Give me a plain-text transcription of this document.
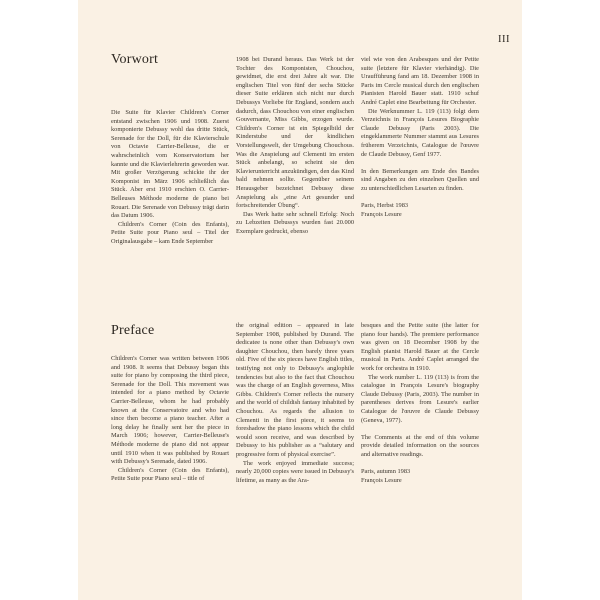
III
Vorwort

Die Suite für Klavier Children's Corner entstand zwischen 1906 und 1908. Zuerst komponierte Debussy wohl das dritte Stück, Serenade for the Doll, für die Klavierschule von Octavie Carrier-Belleuse, die er wahrscheinlich vom Konservatorium her kannte und die Klavierlehrerin geworden war. Mit großer Verzögerung schickte ihr der Komponist im März 1906 schließlich das Stück. Aber erst 1910 erschien O. Carrier-Belleuses Méthode moderne de piano bei Rouart. Die Serenade von Debussy trägt darin das Datum 1906.

Children's Corner (Coin des Enfants), Petite Suite pour Piano seul – Titel der Originalausgabe – kam Ende September

1908 bei Durand heraus. Das Werk ist der Tochter des Komponisten, Chouchou, gewidmet, die erst drei Jahre alt war. Die englischen Titel von fünf der sechs Stücke dieser Suite erklären sich nicht nur durch Debussys Vorliebe für England, sondern auch dadurch, dass Chouchou von einer englischen Gouvernante, Miss Gibbs, erzogen wurde. Children's Corner ist ein Spiegelbild der Kinderstube und der kindlichen Vorstellungswelt, der Umgebung Chouchous. Was die Anspielung auf Clementi im ersten Stück anbelangt, so scheint sie den Klavierunterricht anzukündigen, den das Kind bald nehmen sollte. Gegenüber seinem Herausgeber bezeichnet Debussy diese Anspielung als „eine Art gesunder und fortschreitender Übung“.

Das Werk hatte sehr schnell Erfolg: Noch zu Lebzeiten Debussys wurden fast 20.000 Exemplare gedruckt, ebenso

viel wie von den Arabesques und der Petite suite (letztere für Klavier vierhändig). Die Uraufführung fand am 18. Dezember 1908 in Paris im Cercle musical durch den englischen Pianisten Harold Bauer statt. 1910 schuf André Caplet eine Bearbeitung für Orchester.

Die Werknummer L. 119 (113) folgt dem Verzeichnis in François Lesures Biographie Claude Debussy (Paris 2003). Die eingeklammerte Nummer stammt aus Lesures früherem Verzeichnis, Catalogue de l'œuvre de Claude Debussy, Genf 1977.

In den Bemerkungen am Ende des Bandes sind Angaben zu den einzelnen Quellen und zu unterschiedlichen Lesarten zu finden.

Paris, Herbst 1983

François Lesure

Preface

Children's Corner was written between 1906 and 1908. It seems that Debussy began this suite for piano by composing the third piece, Serenade for the Doll. This movement was intended for a piano method by Octavie Carrier-Belleuse, whom he had probably known at the Conservatoire and who had since then become a piano teacher. After a long delay he finally sent her the piece in March 1906; however, Carrier-Belleuse's Méthode moderne de piano did not appear until 1910 when it was published by Rouart with Debussy's Serenade, dated 1906.

Children's Corner (Coin des Enfants), Petite Suite pour Piano seul – title of

the original edition – appeared in late September 1908, published by Durand. The dedicatee is none other than Debussy's own daughter Chouchou, then barely three years old. Five of the six pieces have English titles, testifying not only to Debussy's anglophile tendencies but also to the fact that Chouchou was the charge of an English governess, Miss Gibbs. Children's Corner reflects the nursery and the world of childish fantasy inhabited by Chouchou. As regards the allusion to Clementi in the first piece, it seems to foreshadow the piano lessons which the child would soon receive, and was described by Debussy to his publisher as a “salutary and progressive form of physical exercise”.

The work enjoyed immediate success; nearly 20,000 copies were issued in Debussy's lifetime, as many as the Ara-

besques and the Petite suite (the latter for piano four hands). The premiere performance was given on 18 December 1908 by the English pianist Harold Bauer at the Cercle musical in Paris. André Caplet arranged the work for orchestra in 1910.

The work number L. 119 (113) is from the catalogue in François Lesure's biography Claude Debussy (Paris, 2003). The number in parentheses derives from Lesure's earlier Catalogue de l'œuvre de Claude Debussy (Geneva, 1977).

The Comments at the end of this volume provide detailed information on the sources and alternative readings.

Paris, autumn 1983

François Lesure
